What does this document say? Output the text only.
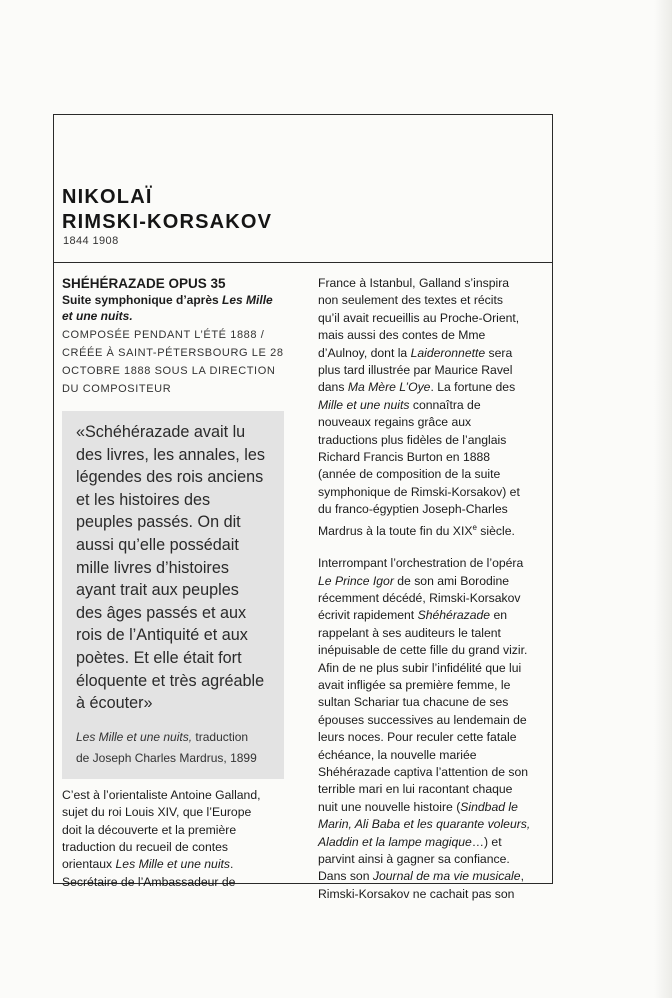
NIKOLAÏ
RIMSKI-KORSAKOV
1844 1908
SHÉHÉRAZADE OPUS 35
Suite symphonique d’après Les Mille
et une nuits.
COMPOSÉE PENDANT L’ÉTÉ 1888 /
CRÉÉE À SAINT-PÉTERSBOURG LE 28
OCTOBRE 1888 SOUS LA DIRECTION
DU COMPOSITEUR
«Schéhérazade avait lu
des livres, les annales, les
légendes des rois anciens
et les histoires des
peuples passés. On dit
aussi qu’elle possédait
mille livres d’histoires
ayant trait aux peuples
des âges passés et aux
rois de l’Antiquité et aux
poètes. Et elle était fort
éloquente et très agréable
à écouter»
Les Mille et une nuits, traduction
de Joseph Charles Mardrus, 1899
C’est à l’orientaliste Antoine Galland,
sujet du roi Louis XIV, que l’Europe
doit la découverte et la première
traduction du recueil de contes
orientaux Les Mille et une nuits.
Secrétaire de l’Ambassadeur de
France à Istanbul, Galland s’inspira
non seulement des textes et récits
qu’il avait recueillis au Proche-Orient,
mais aussi des contes de Mme
d’Aulnoy, dont la Laideronnette sera
plus tard illustrée par Maurice Ravel
dans Ma Mère L’Oye. La fortune des
Mille et une nuits connaîtra de
nouveaux regains grâce aux
traductions plus fidèles de l’anglais
Richard Francis Burton en 1888
(année de composition de la suite
symphonique de Rimski-Korsakov) et
du franco-égyptien Joseph-Charles
Mardrus à la toute fin du XIXe siècle.
Interrompant l’orchestration de l’opéra
Le Prince Igor de son ami Borodine
récemment décédé, Rimski-Korsakov
écrivit rapidement Shéhérazade en
rappelant à ses auditeurs le talent
inépuisable de cette fille du grand vizir.
Afin de ne plus subir l’infidélité que lui
avait infligée sa première femme, le
sultan Schariar tua chacune de ses
épouses successives au lendemain de
leurs noces. Pour reculer cette fatale
échéance, la nouvelle mariée
Shéhérazade captiva l’attention de son
terrible mari en lui racontant chaque
nuit une nouvelle histoire (Sindbad le
Marin, Ali Baba et les quarante voleurs,
Aladdin et la lampe magique…) et
parvint ainsi à gagner sa confiance.
Dans son Journal de ma vie musicale,
Rimski-Korsakov ne cachait pas son
